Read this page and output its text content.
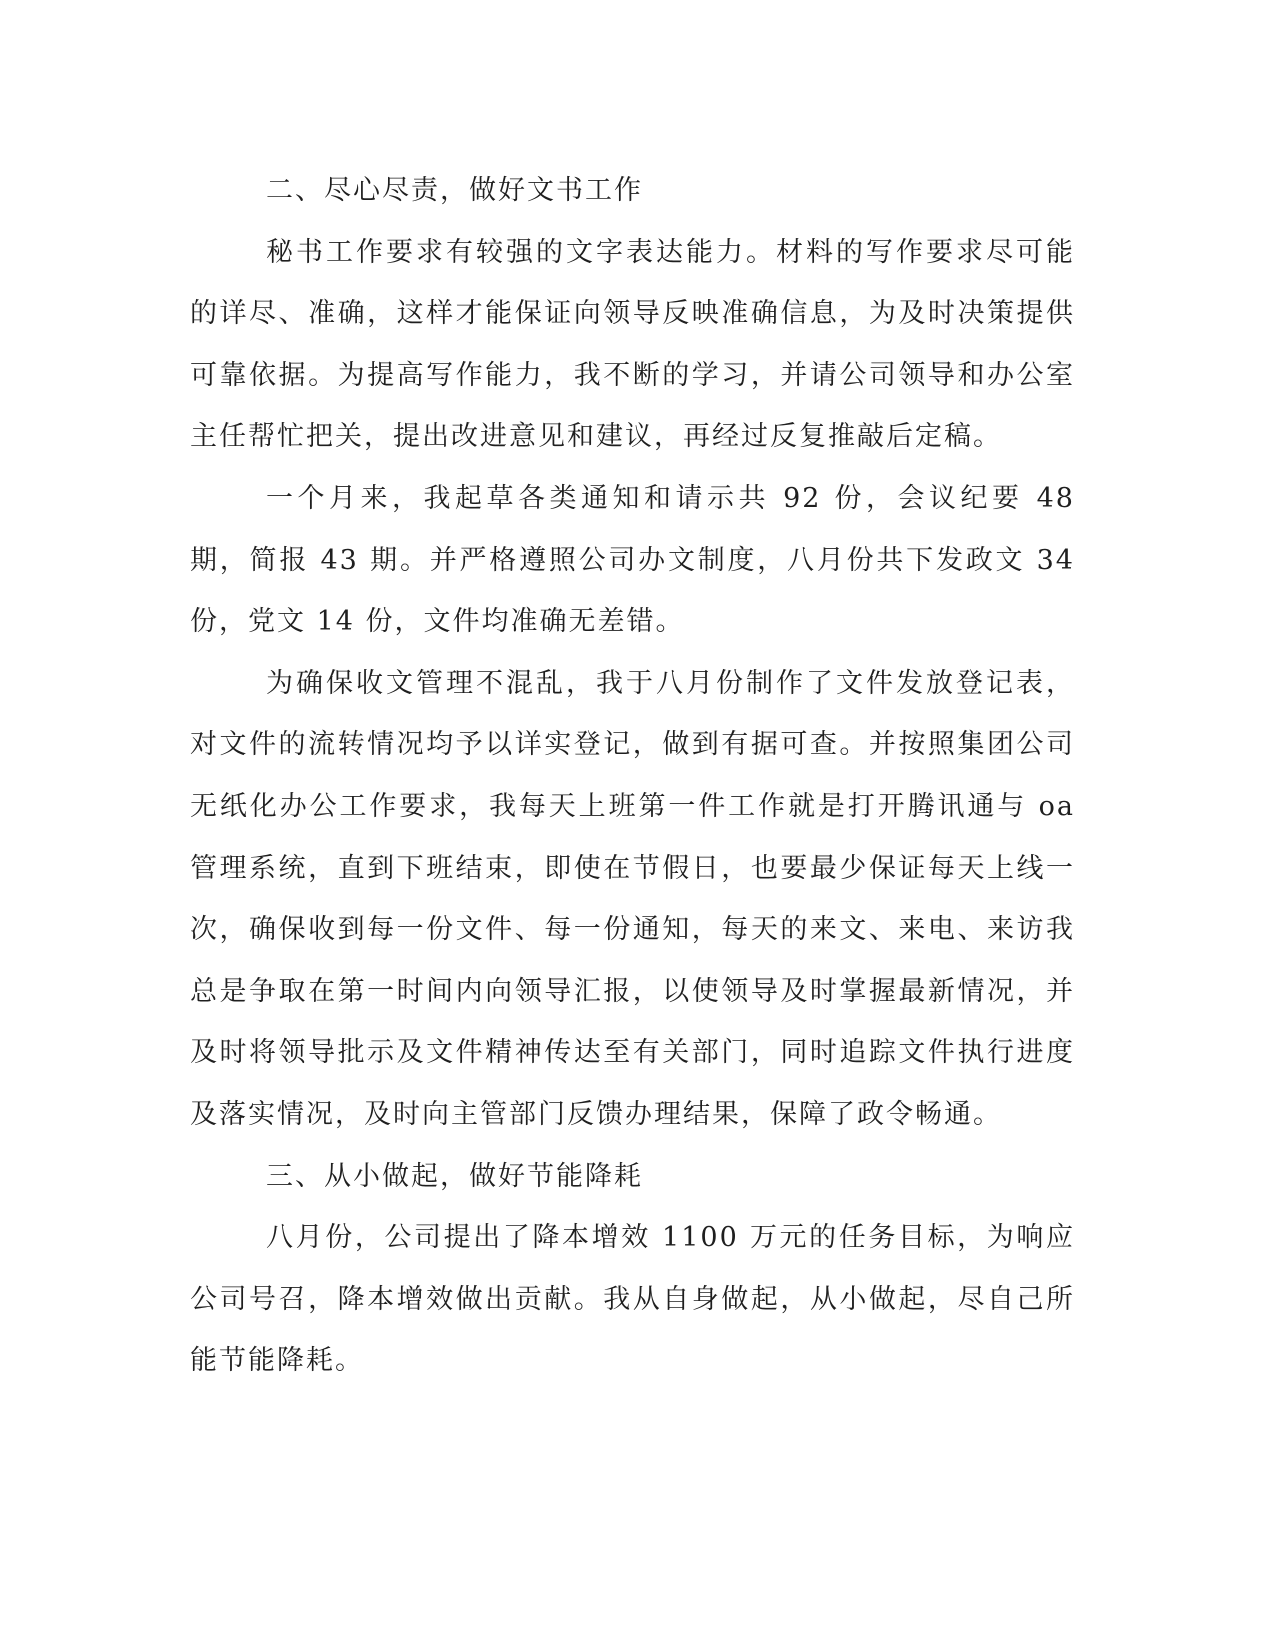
二、尽心尽责，做好文书工作

秘书工作要求有较强的文字表达能力。材料的写作要求尽可能的详尽、准确，这样才能保证向领导反映准确信息，为及时决策提供可靠依据。为提高写作能力，我不断的学习，并请公司领导和办公室主任帮忙把关，提出改进意见和建议，再经过反复推敲后定稿。

一个月来，我起草各类通知和请示共 92 份，会议纪要 48 期，简报 43 期。并严格遵照公司办文制度，八月份共下发政文 34 份，党文 14 份，文件均准确无差错。

为确保收文管理不混乱，我于八月份制作了文件发放登记表，对文件的流转情况均予以详实登记，做到有据可查。并按照集团公司无纸化办公工作要求，我每天上班第一件工作就是打开腾讯通与 oa 管理系统，直到下班结束，即使在节假日，也要最少保证每天上线一次，确保收到每一份文件、每一份通知，每天的来文、来电、来访我总是争取在第一时间内向领导汇报，以使领导及时掌握最新情况，并及时将领导批示及文件精神传达至有关部门，同时追踪文件执行进度及落实情况，及时向主管部门反馈办理结果，保障了政令畅通。

三、从小做起，做好节能降耗

八月份，公司提出了降本增效 1100 万元的任务目标，为响应公司号召，降本增效做出贡献。我从自身做起，从小做起，尽自己所能节能降耗。
